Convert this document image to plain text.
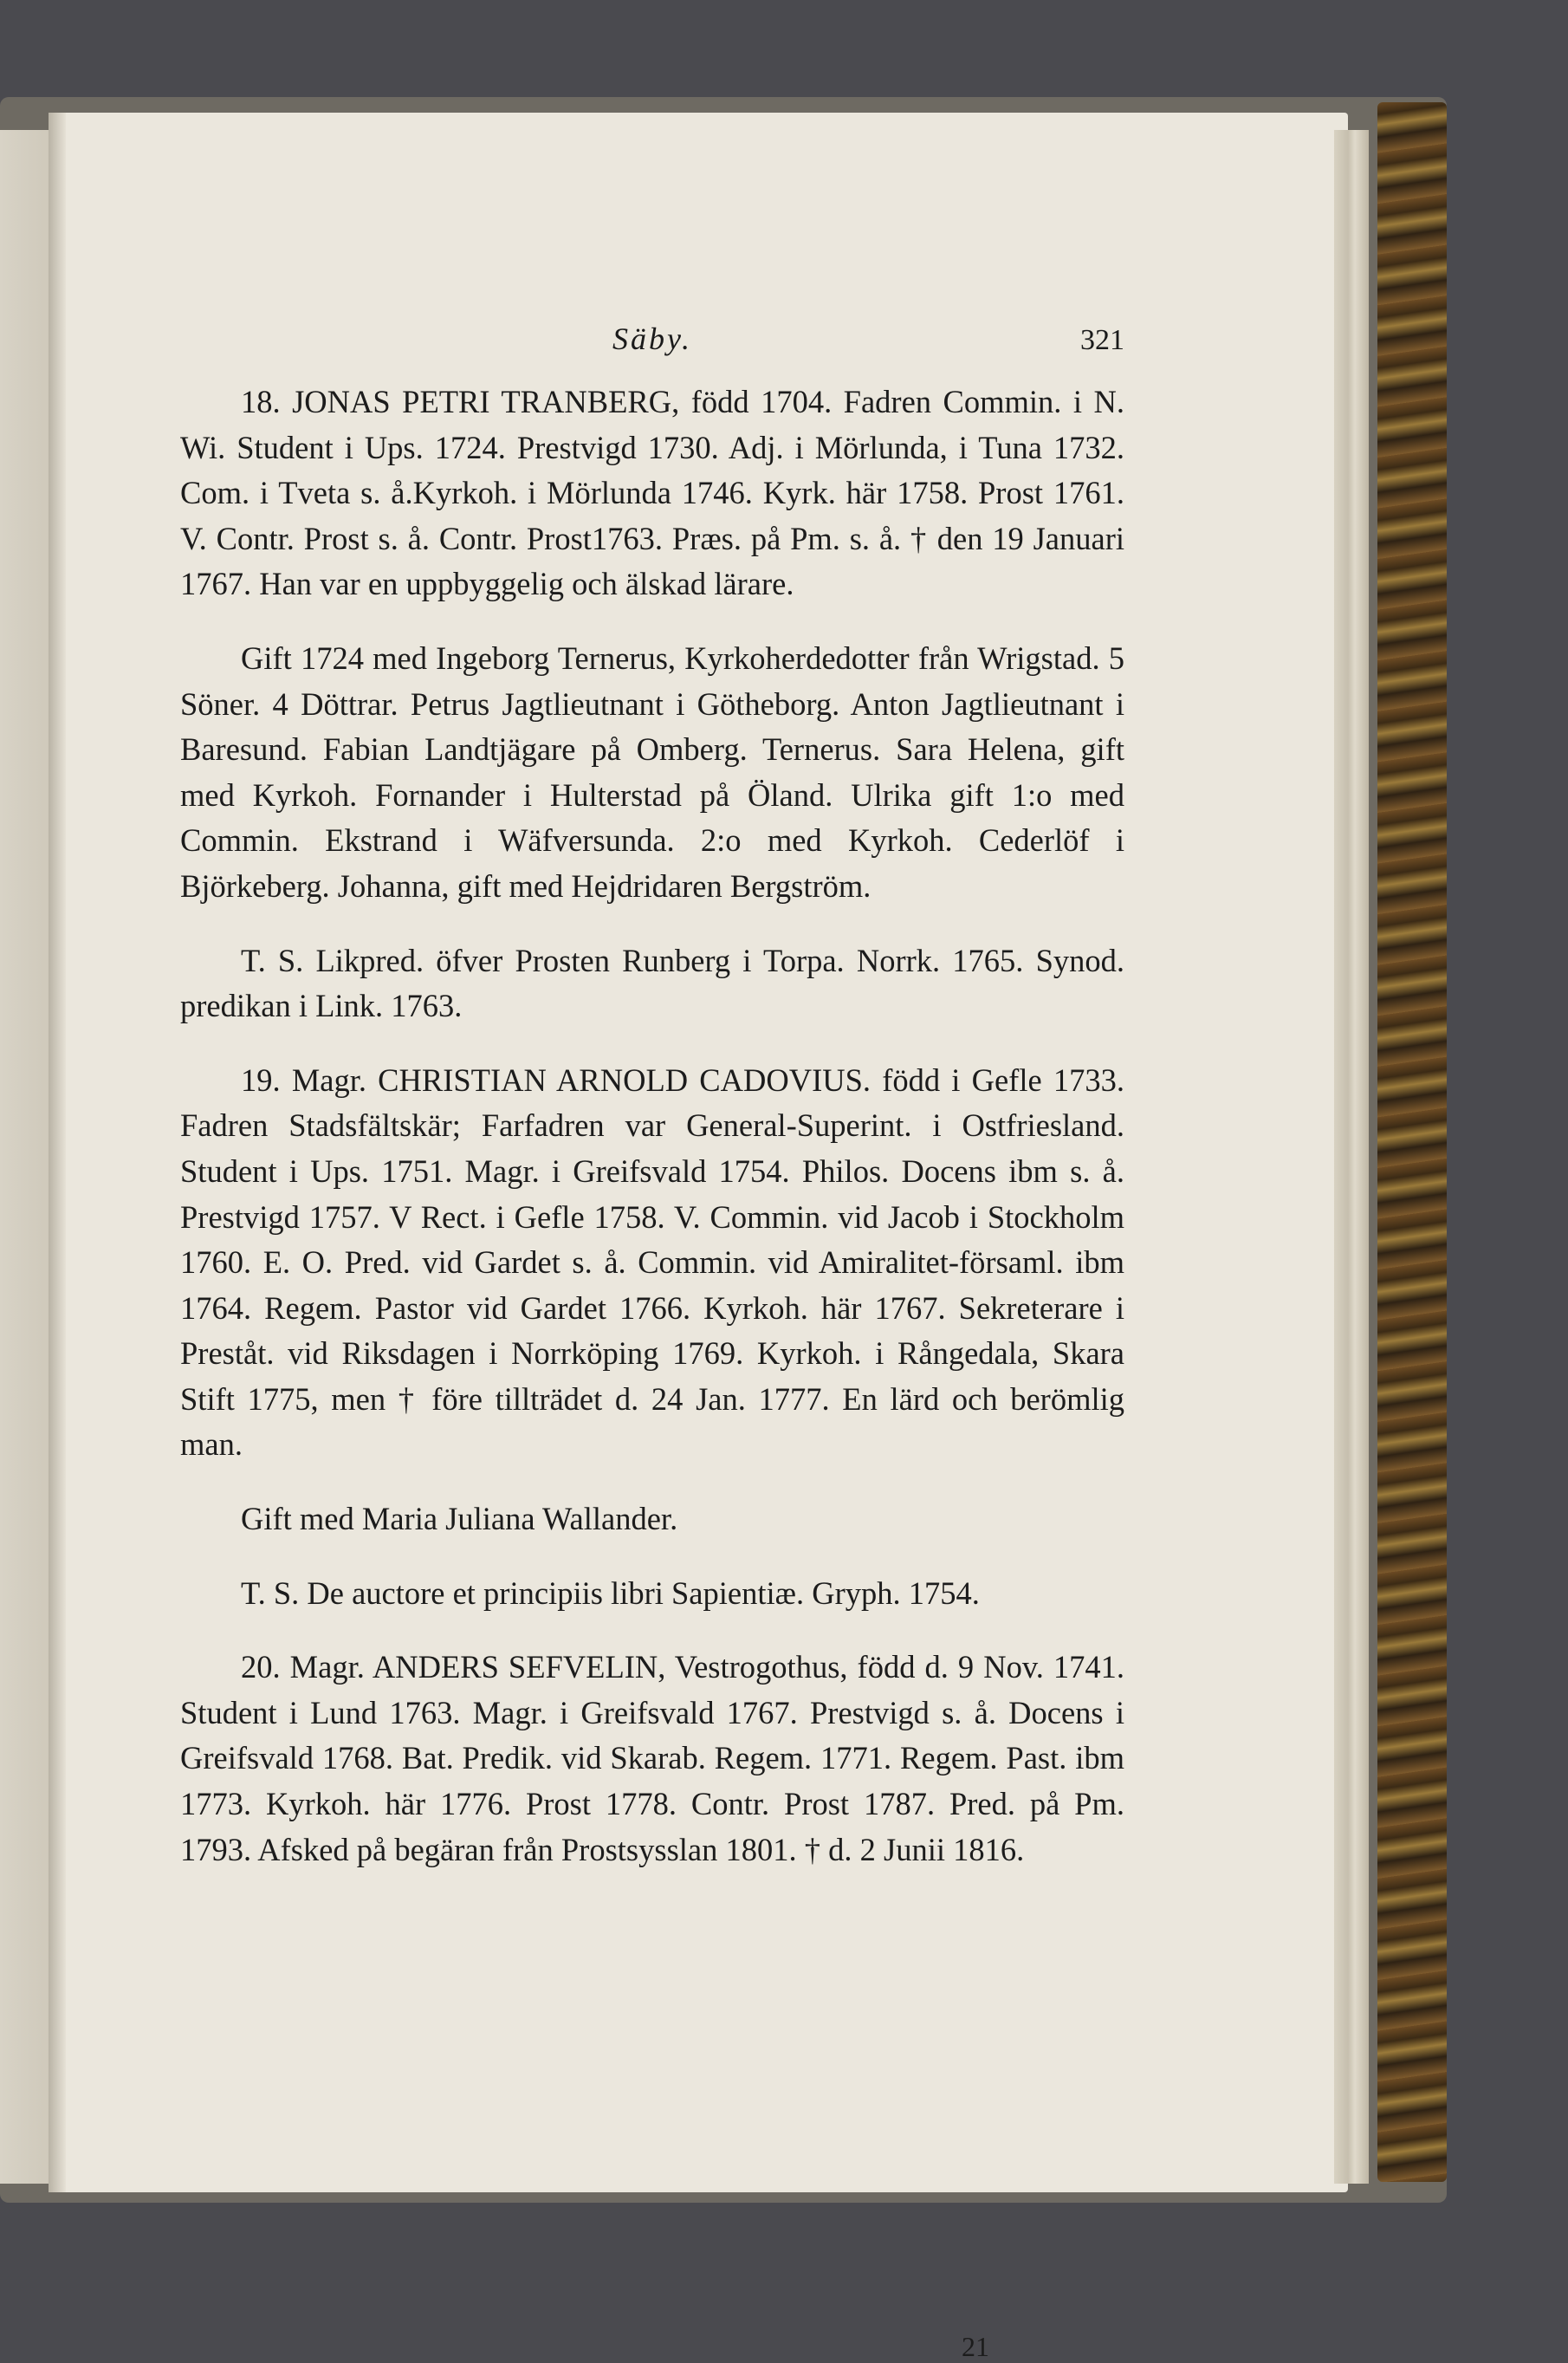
Säby.	321

18. JONAS PETRI TRANBERG, född 1704. Fadren Commin. i N. Wi. Student i Ups. 1724. Prestvigd 1730. Adj. i Mörlunda, i Tuna 1732. Com. i Tveta s. å.Kyrkoh. i Mörlunda 1746. Kyrk. här 1758. Prost 1761. V. Contr. Prost s. å. Contr. Prost1763. Præs. på Pm. s. å. † den 19 Januari 1767. Han var en uppbyggelig och älskad lärare.

Gift 1724 med Ingeborg Ternerus, Kyrkoherdedotter från Wrigstad. 5 Söner. 4 Döttrar. Petrus Jagtlieutnant i Götheborg. Anton Jagtlieutnant i Baresund. Fabian Landtjägare på Omberg. Ternerus. Sara Helena, gift med Kyrkoh. Fornander i Hulterstad på Öland. Ulrika gift 1:o med Commin. Ekstrand i Wäfversunda. 2:o med Kyrkoh. Cederlöf i Björkeberg. Johanna, gift med Hejdridaren Bergström.

T. S. Likpred. öfver Prosten Runberg i Torpa. Norrk. 1765. Synod. predikan i Link. 1763.

19. Magr. CHRISTIAN ARNOLD CADOVIUS. född i Gefle 1733. Fadren Stadsfältskär; Farfadren var General-Superint. i Ostfriesland. Student i Ups. 1751. Magr. i Greifsvald 1754. Philos. Docens ibm s. å. Prestvigd 1757. V Rect. i Gefle 1758. V. Commin. vid Jacob i Stockholm 1760. E. O. Pred. vid Gardet s. å. Commin. vid Amiralitet-församl. ibm 1764. Regem. Pastor vid Gardet 1766. Kyrkoh. här 1767. Sekreterare i Preståt. vid Riksdagen i Norrköping 1769. Kyrkoh. i Rångedala, Skara Stift 1775, men † före tillträdet d. 24 Jan. 1777. En lärd och berömlig man.

Gift med Maria Juliana Wallander.

T. S. De auctore et principiis libri Sapientiæ. Gryph. 1754.

20. Magr. ANDERS SEFVELIN, Vestrogothus, född d. 9 Nov. 1741. Student i Lund 1763. Magr. i Greifsvald 1767. Prestvigd s. å. Docens i Greifsvald 1768. Bat. Predik. vid Skarab. Regem. 1771. Regem. Past. ibm 1773. Kyrkoh. här 1776. Prost 1778. Contr. Prost 1787. Pred. på Pm. 1793. Afsked på begäran från Prostsysslan 1801. † d. 2 Junii 1816.

21
